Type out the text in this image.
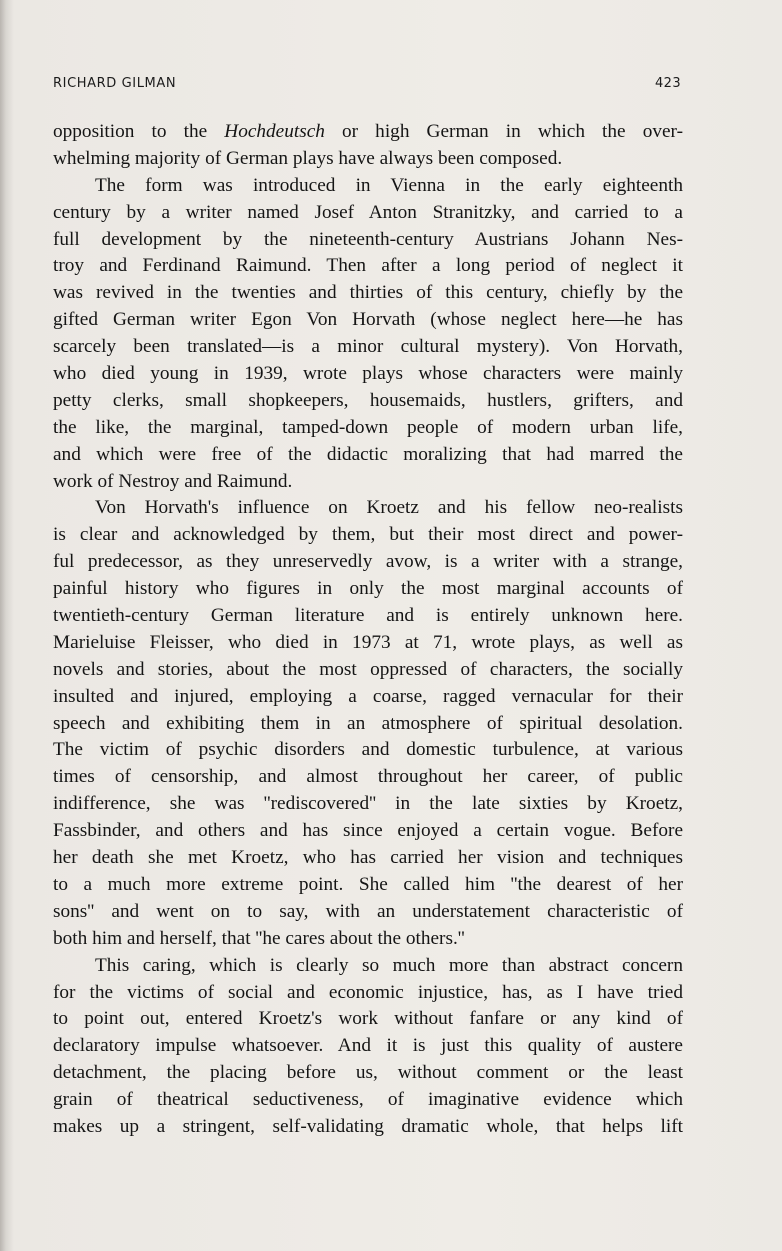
RICHARD GILMAN	423
opposition to the Hochdeutsch or high German in which the over-
whelming majority of German plays have always been composed.
The form was introduced in Vienna in the early eighteenth
century by a writer named Josef Anton Stranitzky, and carried to a
full development by the nineteenth-century Austrians Johann Nes-
troy and Ferdinand Raimund. Then after a long period of neglect it
was revived in the twenties and thirties of this century, chiefly by the
gifted German writer Egon Von Horvath (whose neglect here—he has
scarcely been translated—is a minor cultural mystery). Von Horvath,
who died young in 1939, wrote plays whose characters were mainly
petty clerks, small shopkeepers, housemaids, hustlers, grifters, and
the like, the marginal, tamped-down people of modern urban life,
and which were free of the didactic moralizing that had marred the
work of Nestroy and Raimund.
Von Horvath's influence on Kroetz and his fellow neo-realists
is clear and acknowledged by them, but their most direct and power-
ful predecessor, as they unreservedly avow, is a writer with a strange,
painful history who figures in only the most marginal accounts of
twentieth-century German literature and is entirely unknown here.
Marieluise Fleisser, who died in 1973 at 71, wrote plays, as well as
novels and stories, about the most oppressed of characters, the socially
insulted and injured, employing a coarse, ragged vernacular for their
speech and exhibiting them in an atmosphere of spiritual desolation.
The victim of psychic disorders and domestic turbulence, at various
times of censorship, and almost throughout her career, of public
indifference, she was ''rediscovered'' in the late sixties by Kroetz,
Fassbinder, and others and has since enjoyed a certain vogue. Before
her death she met Kroetz, who has carried her vision and techniques
to a much more extreme point. She called him ''the dearest of her
sons'' and went on to say, with an understatement characteristic of
both him and herself, that ''he cares about the others.''
This caring, which is clearly so much more than abstract concern
for the victims of social and economic injustice, has, as I have tried
to point out, entered Kroetz's work without fanfare or any kind of
declaratory impulse whatsoever. And it is just this quality of austere
detachment, the placing before us, without comment or the least
grain of theatrical seductiveness, of imaginative evidence which
makes up a stringent, self-validating dramatic whole, that helps lift
